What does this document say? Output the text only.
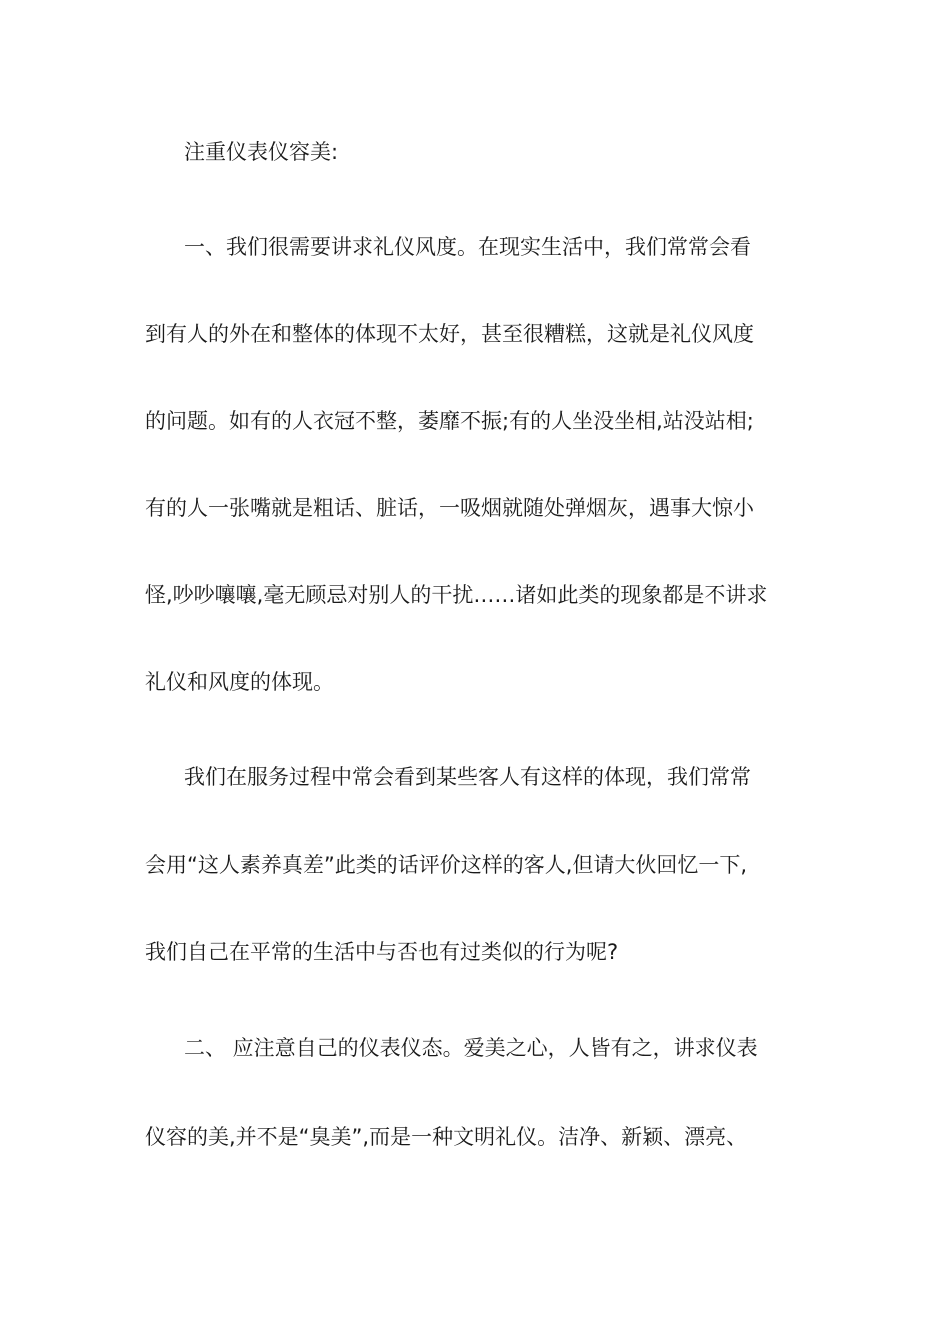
注重仪表仪容美:
一、我们很需要讲求礼仪风度。在现实生活中，我们常常会看
到有人的外在和整体的体现不太好，甚至很糟糕，这就是礼仪风度
的问题。如有的人衣冠不整，萎靡不振;有的人坐没坐相,站没站相;
有的人一张嘴就是粗话、脏话，一吸烟就随处弹烟灰，遇事大惊小
怪,吵吵嚷嚷,毫无顾忌对别人的干扰……诸如此类的现象都是不讲求
礼仪和风度的体现。
我们在服务过程中常会看到某些客人有这样的体现，我们常常
会用“这人素养真差”此类的话评价这样的客人,但请大伙回忆一下,
我们自己在平常的生活中与否也有过类似的行为呢?
二、 应注意自己的仪表仪态。爱美之心，人皆有之，讲求仪表
仪容的美,并不是“臭美”,而是一种文明礼仪。洁净、新颖、漂亮、
